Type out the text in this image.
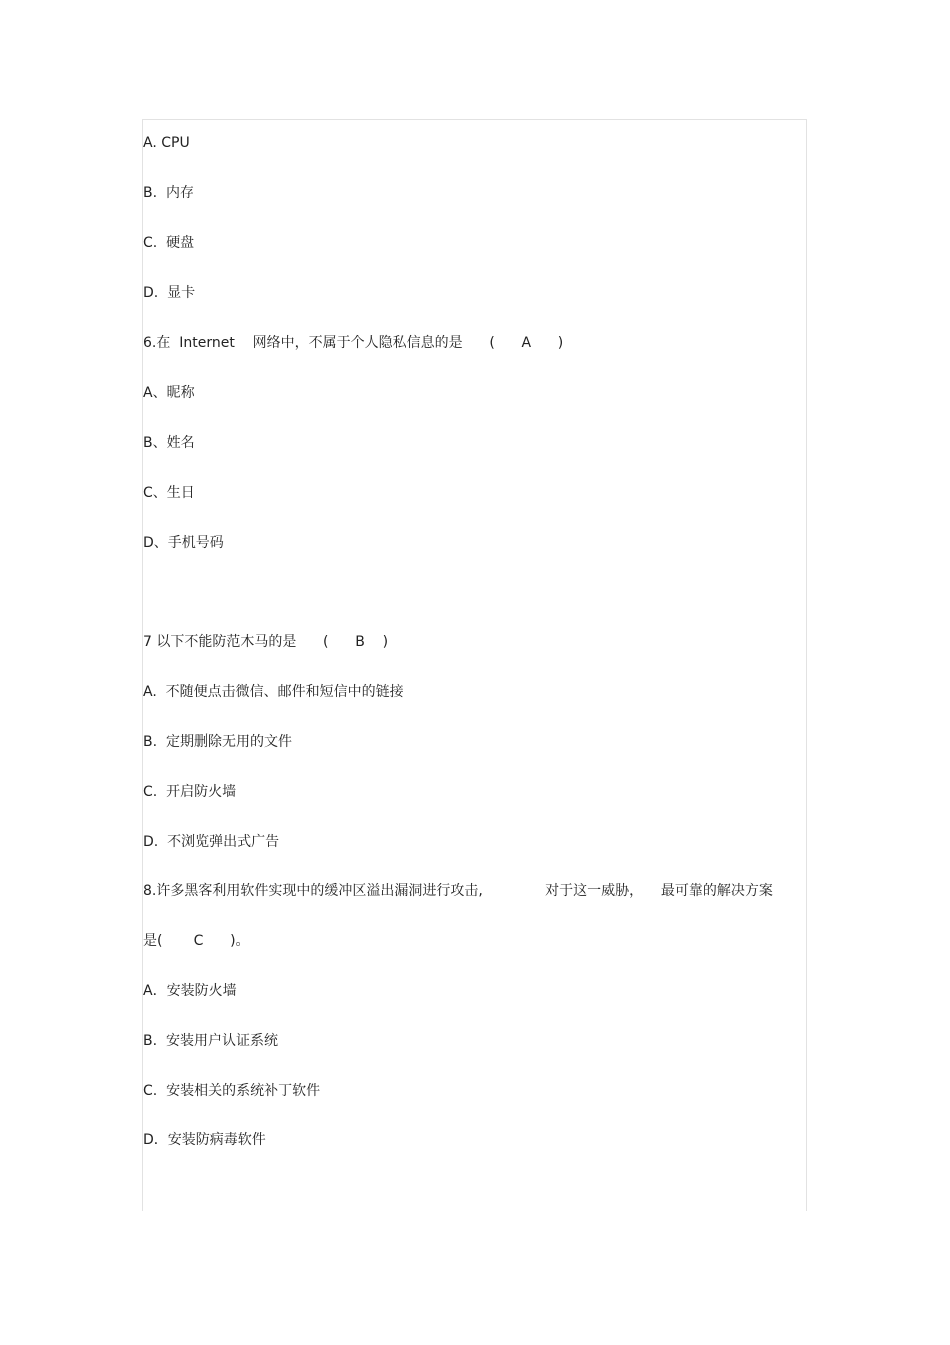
A. CPU
B.  内存
C.  硬盘
D.  显卡
6.在  Internet    网络中，不属于个人隐私信息的是      (      A      )
A、昵称
B、姓名
C、生日
D、手机号码
7 以下不能防范木马的是      (      B    )
A.  不随便点击微信、邮件和短信中的链接
B.  定期删除无用的文件
C.  开启防火墙
D.  不浏览弹出式广告
8.许多黑客利用软件实现中的缓冲区溢出漏洞进行攻击,              对于这一威胁，    最可靠的解决方案
是(       C      )。
A．安装防火墙
B.  安装用户认证系统
C.  安装相关的系统补丁软件
D．安装防病毒软件
